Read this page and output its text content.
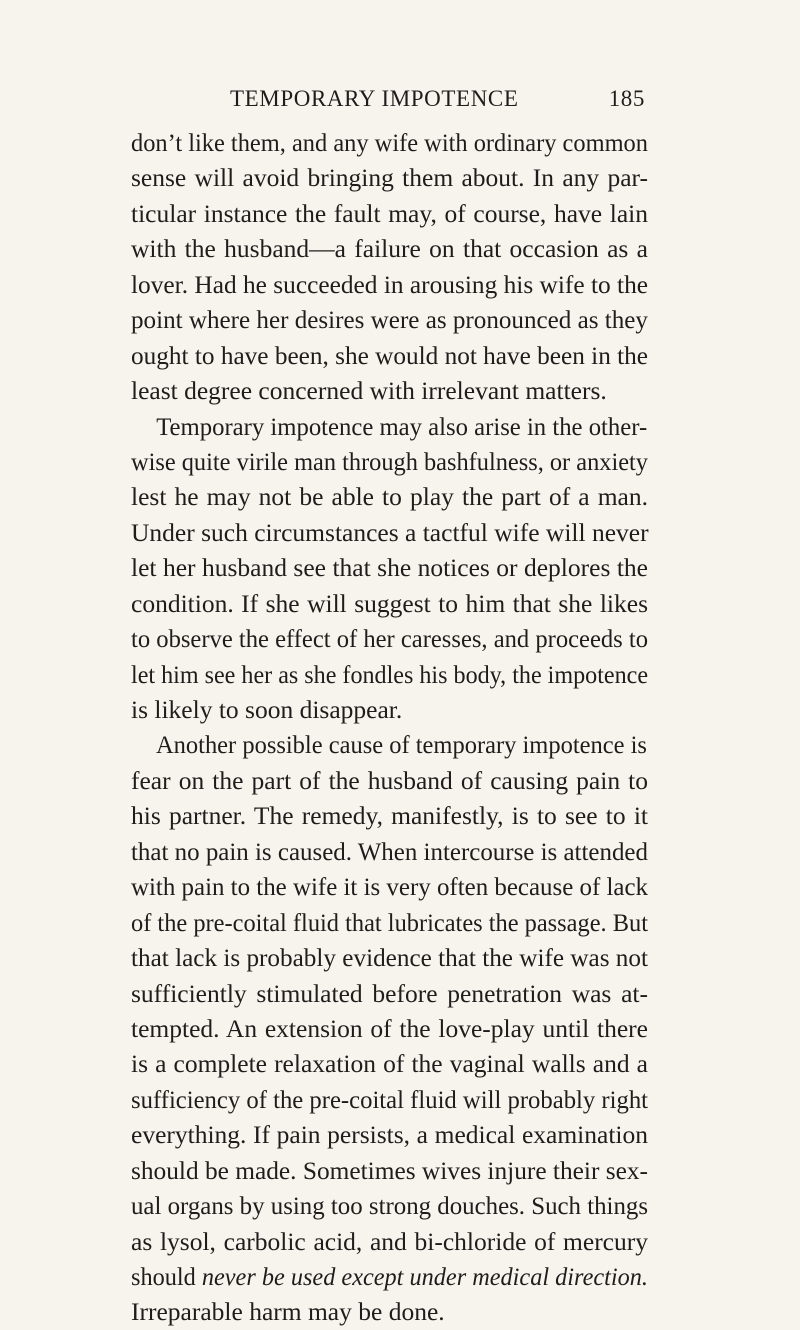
TEMPORARY IMPOTENCE	185
don’t like them, and any wife with ordinary common
sense will avoid bringing them about. In any par-
ticular instance the fault may, of course, have lain
with the husband—a failure on that occasion as a
lover. Had he succeeded in arousing his wife to the
point where her desires were as pronounced as they
ought to have been, she would not have been in the
least degree concerned with irrelevant matters.
Temporary impotence may also arise in the other-
wise quite virile man through bashfulness, or anxiety
lest he may not be able to play the part of a man.
Under such circumstances a tactful wife will never
let her husband see that she notices or deplores the
condition. If she will suggest to him that she likes
to observe the effect of her caresses, and proceeds to
let him see her as she fondles his body, the impotence
is likely to soon disappear.
Another possible cause of temporary impotence is
fear on the part of the husband of causing pain to
his partner. The remedy, manifestly, is to see to it
that no pain is caused. When intercourse is attended
with pain to the wife it is very often because of lack
of the pre-coital fluid that lubricates the passage. But
that lack is probably evidence that the wife was not
sufficiently stimulated before penetration was at-
tempted. An extension of the love-play until there
is a complete relaxation of the vaginal walls and a
sufficiency of the pre-coital fluid will probably right
everything. If pain persists, a medical examination
should be made. Sometimes wives injure their sex-
ual organs by using too strong douches. Such things
as lysol, carbolic acid, and bi-chloride of mercury
should never be used except under medical direction.
Irreparable harm may be done.
